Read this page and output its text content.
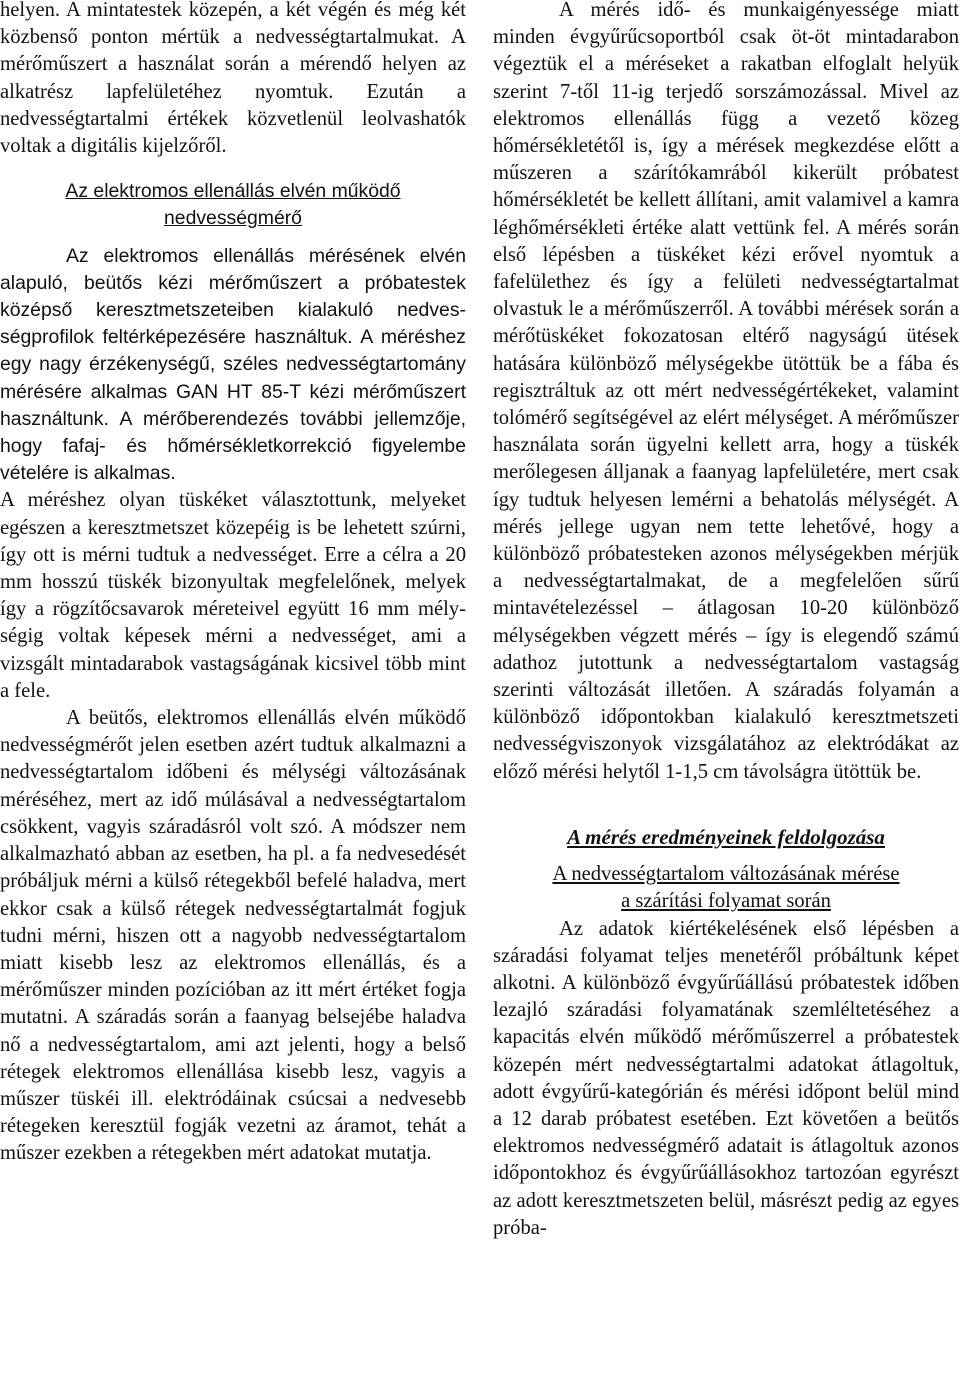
helyen. A mintatestek közepén, a két végén és még két közbenső ponton mértük a nedvességtartalmukat. A mérőműszert a használat során a mérendő helyen az alkatrész lapfelületéhez nyomtuk. Ezután a nedvességtartalmi értékek közvetlenül leolvashatók voltak a digitális kijelzőről.

Az elektromos ellenállás elvén működő
nedvességmérő

Az elektromos ellenállás mérésének elvén alapuló, beütős kézi mérőműszert a próbatestek középső keresztmetszeteiben kialakuló nedvességprofilok feltérképezésére használtuk. A méréshez egy nagy érzékenységű, széles nedvességtartomány mérésére alkalmas GAN HT 85-T kézi mérőműszert használtunk. A mérőberendezés további jellemzője, hogy fafaj- és hőmérsékletkorrekció figyelembe vételére is alkalmas.

A méréshez olyan tüskéket választottunk, melyeket egészen a keresztmetszet közepéig is be lehetett szúrni, így ott is mérni tudtuk a nedvességet. Erre a célra a 20 mm hosszú tüskék bizonyultak megfelelőnek, melyek így a rögzítőcsavarok méreteivel együtt 16 mm mélységig voltak képesek mérni a nedvességet, ami a vizsgált mintadarabok vastagságának kicsivel több mint a fele.

A beütős, elektromos ellenállás elvén működő nedvességmérőt jelen esetben azért tudtuk alkalmazni a nedvességtartalom időbeni és mélységi változásának méréséhez, mert az idő múlásával a nedvességtartalom csökkent, vagyis száradásról volt szó. A módszer nem alkalmazható abban az esetben, ha pl. a fa nedvesedését próbáljuk mérni a külső rétegekből befelé haladva, mert ekkor csak a külső rétegek nedvességtartalmát fogjuk tudni mérni, hiszen ott a nagyobb nedvességtartalom miatt kisebb lesz az elektromos ellenállás, és a mérőműszer minden pozícióban az itt mért értéket fogja mutatni. A száradás során a faanyag belsejébe haladva nő a nedvességtartalom, ami azt jelenti, hogy a belső rétegek elektromos ellenállása kisebb lesz, vagyis a műszer tüskéi ill. elektródáinak csúcsai a nedvesebb rétegeken keresztül fogják vezetni az áramot, tehát a műszer ezekben a rétegekben mért adatokat mutatja.

A mérés idő- és munkaigényessége miatt minden évgyűrűcsoportból csak öt-öt mintadarabon végeztük el a méréseket a rakatban elfoglalt helyük szerint 7-től 11-ig terjedő sorszámozással. Mivel az elektromos ellenállás függ a vezető közeg hőmérsékletétől is, így a mérések megkezdése előtt a műszeren a szárítókamrából kikerült próbatest hőmérsékletét be kellett állítani, amit valamivel a kamra léghőmérsékleti értéke alatt vettünk fel. A mérés során első lépésben a tüskéket kézi erővel nyomtuk a fafelülethez és így a felületi nedvességtartalmat olvastuk le a mérőműszerről. A további mérések során a mérőtüskéket fokozatosan eltérő nagyságú ütések hatására különböző mélységekbe ütöttük be a fába és regisztráltuk az ott mért nedvességértékeket, valamint tolómérő segítségével az elért mélységet. A mérőműszer használata során ügyelni kellett arra, hogy a tüskék merőlegesen álljanak a faanyag lapfelületére, mert csak így tudtuk helyesen lemérni a behatolás mélységét. A mérés jellege ugyan nem tette lehetővé, hogy a különböző próbatesteken azonos mélységekben mérjük a nedvességtartalmakat, de a megfelelően sűrű mintavételezéssel – átlagosan 10-20 különböző mélységekben végzett mérés – így is elegendő számú adathoz jutottunk a nedvességtartalom vastagság szerinti változását illetően. A száradás folyamán a különböző időpontokban kialakuló keresztmetszeti nedvességviszonyok vizsgálatához az elektródákat az előző mérési helytől 1-1,5 cm távolságra ütöttük be.

A mérés eredményeinek feldolgozása
A nedvességtartalom változásának mérése
a szárítási folyamat során

Az adatok kiértékelésének első lépésben a száradási folyamat teljes menetéről próbáltunk képet alkotni. A különböző évgyűrűállású próbatestek időben lezajló száradási folyamatának szemléltetéséhez a kapacitás elvén működő mérőműszerrel a próbatestek közepén mért nedvességtartalmi adatokat átlagoltuk, adott évgyűrű-kategórián és mérési időpont belül mind a 12 darab próbatest esetében. Ezt követően a beütős elektromos nedvességmérő adatait is átlagoltuk azonos időpontokhoz és évgyűrűállásokhoz tartozóan egyrészt az adott keresztmetszeten belül, másrészt pedig az egyes próba-
